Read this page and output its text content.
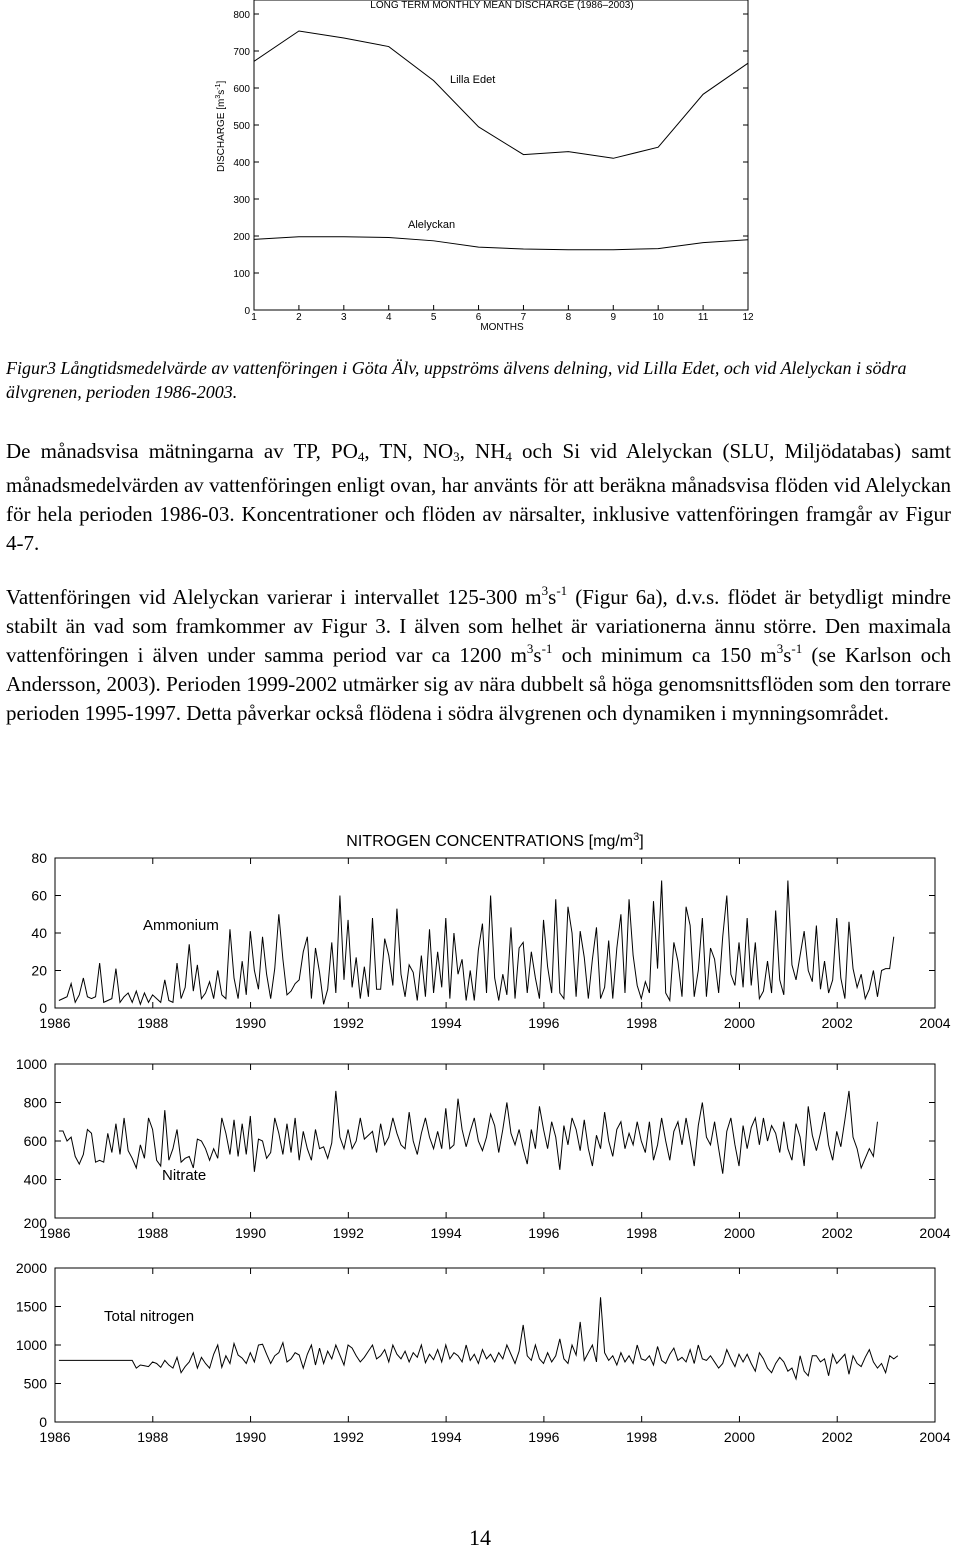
LONG TERM MONTHLY MEAN DISCHARGE (1986–2003)
0
100
200
300
400
500
600
700
800
1	2	3	4	5	6	7	8	9	10	11	12
MONTHS
DISCHARGE $[m^3s^{-1}]$	Lilla Edet
Alelyckan
Figur3 Långtidsmedelvärde av vattenföringen i Göta Älv, uppströms älvens delning, vid Lilla Edet, och vid Alelyckan i södra älvgrenen, perioden 1986-2003.
De månadsvisa mätningarna av TP, $PO_4$, TN, $NO_3$, $NH_4$ och Si vid Alelyckan (SLU, Miljödatabas) samt månadsmedelvärden av vattenföringen enligt ovan, har använts för att beräkna månadsvisa flöden vid Alelyckan för hela perioden 1986-03. Koncentrationer och flöden av närsalter, inklusive vattenföringen framgår av Figur 4-7.
Vattenföringen vid Alelyckan varierar i intervallet 125-300 $m^3s^{-1}$ (Figur 6a), d.v.s. flödet är betydligt mindre stabilt än vad som framkommer av Figur 3. I älven som helhet är variationerna ännu större. Den maximala vattenföringen i älven under samma period var ca 1200 $m^3s^{-1}$ och minimum ca 150 $m^3s^{-1}$ (se Karlson och Andersson, 2003). Perioden 1999-2002 utmärker sig av nära dubbelt så höga genomsnittsflöden som den torrare perioden 1995-1997. Detta påverkar också flödena i södra älvgrenen och dynamiken i mynningsområdet.
NITROGEN CONCENTRATIONS $[mg/m^3]$
0
20
40
60
80
1986	1988	1990	1992	1994	1996	1998	2000	2002	2004
Ammonium
1000
800
600
400
200
1986	1988	1990	1992	1994	1996	1998	2000	2002	2004
Nitrate
0
500
1000
1500
2000
1986	1988	1990	1992	1994	1996	1998	2000	2002	2004
Total nitrogen
14
